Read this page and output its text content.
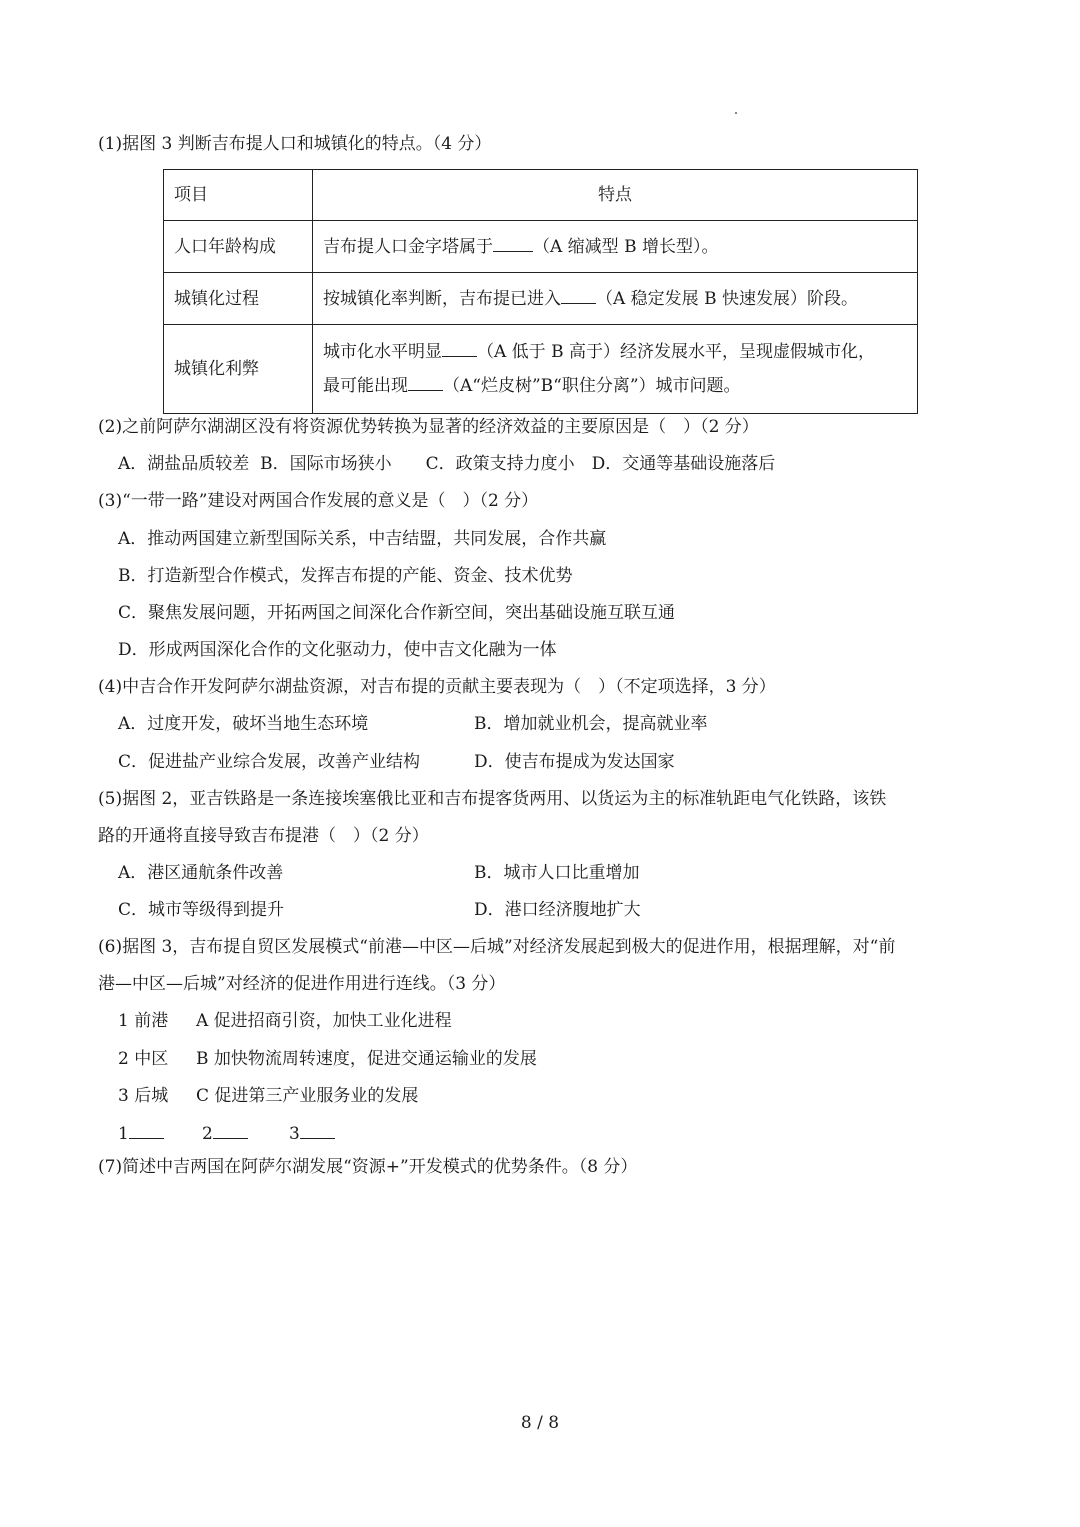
(1)据图 3 判断吉布提人口和城镇化的特点。（4 分）
项目	特点
人口年龄构成	吉布提人口金字塔属于 （A 缩减型 B 增长型）。
城镇化过程	按城镇化率判断，吉布提已进入 （A 稳定发展 B 快速发展）阶段。
城镇化利弊	城市化水平明显 （A 低于 B 高于）经济发展水平，呈现虚假城市化，
最可能出现 （A“烂皮树”B“职住分离”）城市问题。
(2)之前阿萨尔湖湖区没有将资源优势转换为显著的经济效益的主要原因是（　）（2 分）
A．湖盐品质较差  B．国际市场狭小　　C．政策支持力度小　D．交通等基础设施落后
(3)“一带一路”建设对两国合作发展的意义是（　）（2 分）
A．推动两国建立新型国际关系，中吉结盟，共同发展，合作共赢
B．打造新型合作模式，发挥吉布提的产能、资金、技术优势
C．聚焦发展问题，开拓两国之间深化合作新空间，突出基础设施互联互通
D．形成两国深化合作的文化驱动力，使中吉文化融为一体
(4)中吉合作开发阿萨尔湖盐资源，对吉布提的贡献主要表现为（　）（不定项选择，3 分）
A．过度开发，破坏当地生态环境	B．增加就业机会，提高就业率
C．促进盐产业综合发展，改善产业结构	D．使吉布提成为发达国家
(5)据图 2，亚吉铁路是一条连接埃塞俄比亚和吉布提客货两用、以货运为主的标准轨距电气化铁路，该铁
路的开通将直接导致吉布提港（　）（2 分）
A．港区通航条件改善	B．城市人口比重增加
C．城市等级得到提升	D．港口经济腹地扩大
(6)据图 3，吉布提自贸区发展模式“前港—中区—后城”对经济发展起到极大的促进作用，根据理解，对“前
港—中区—后城”对经济的促进作用进行连线。（3 分）
1 前港 A 促进招商引资，加快工业化进程
2 中区 B 加快物流周转速度，促进交通运输业的发展
3 后城 C 促进第三产业服务业的发展
1	2	3
(7)简述中吉两国在阿萨尔湖发展“资源+”开发模式的优势条件。（8 分）
8 / 8
